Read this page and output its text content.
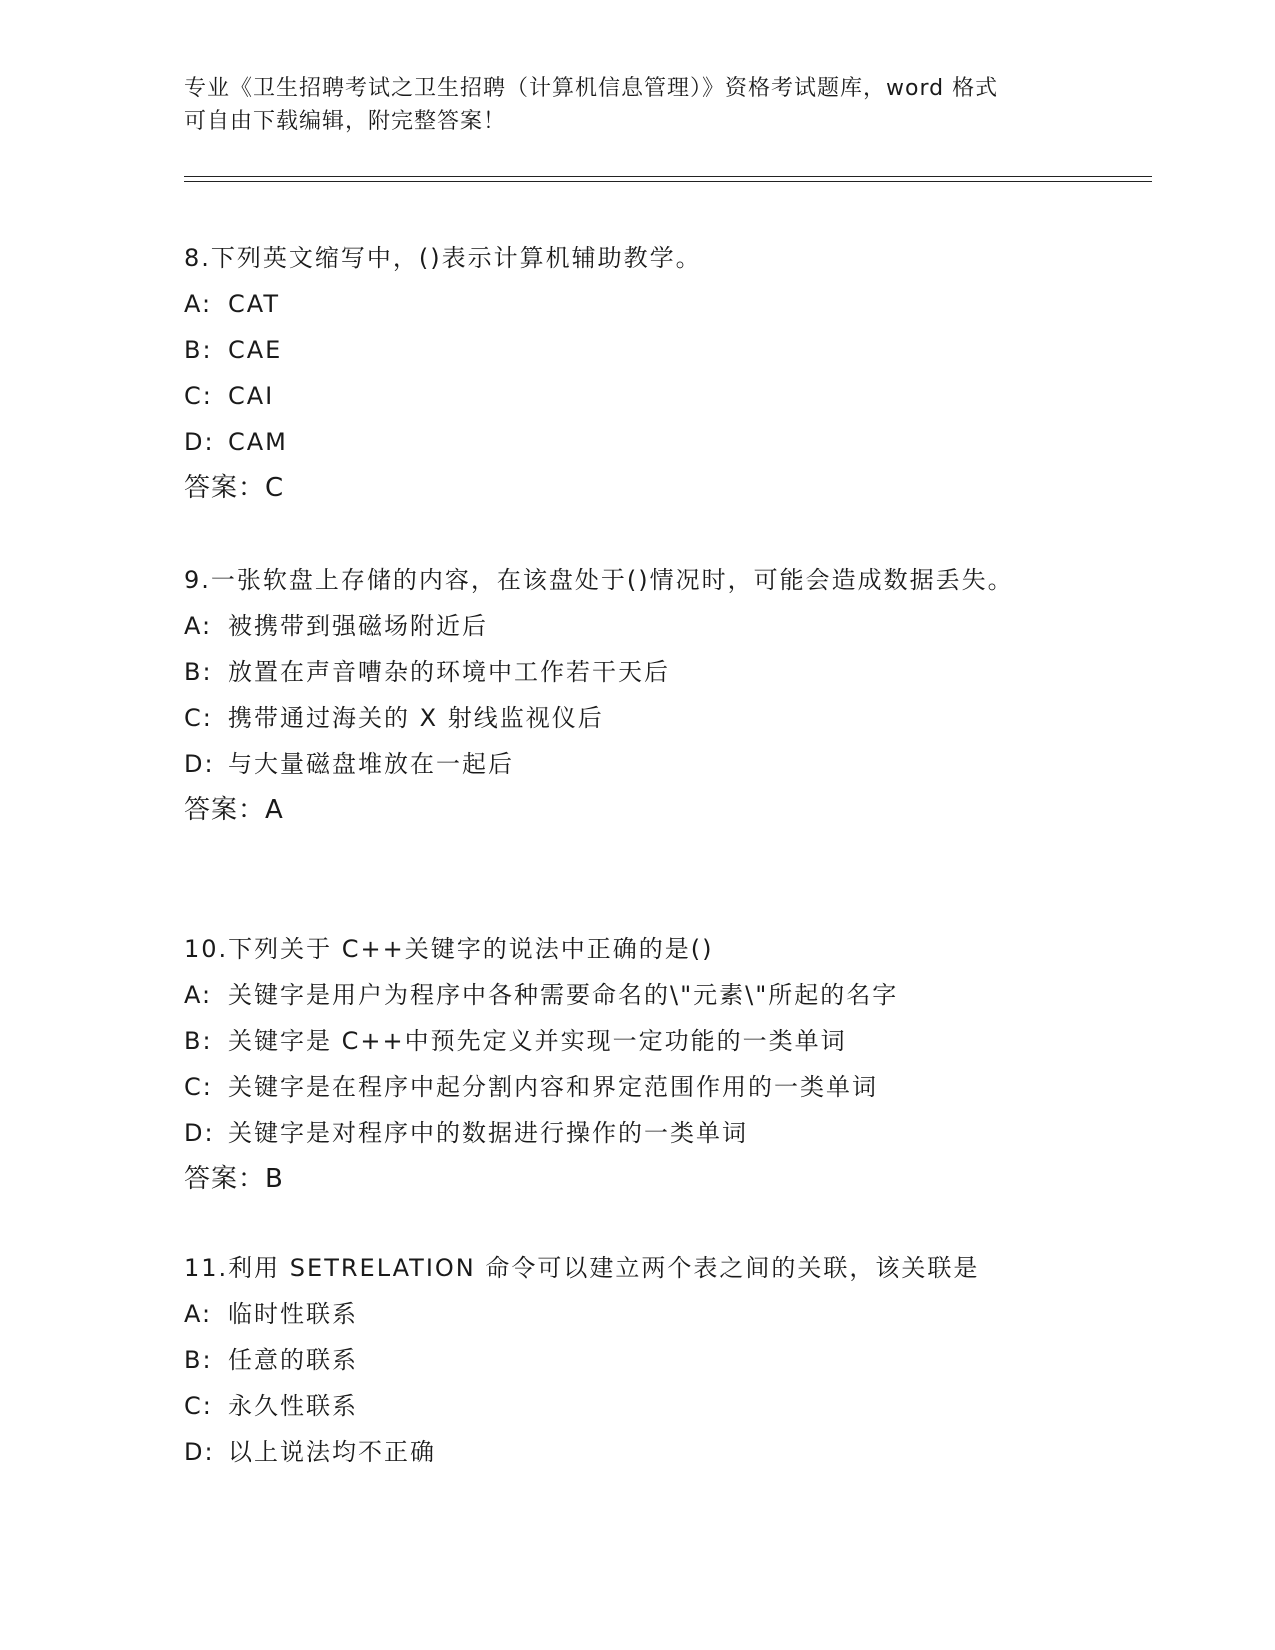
专业《卫生招聘考试之卫生招聘（计算机信息管理）》资格考试题库，word 格式
可自由下载编辑，附完整答案！
8.下列英文缩写中，()表示计算机辅助教学。
A: CAT
B: CAE
C: CAI
D: CAM
答案：C
9.一张软盘上存储的内容，在该盘处于()情况时，可能会造成数据丢失。
A: 被携带到强磁场附近后
B: 放置在声音嘈杂的环境中工作若干天后
C: 携带通过海关的 X 射线监视仪后
D: 与大量磁盘堆放在一起后
答案：A
10.下列关于 C++关键字的说法中正确的是()
A: 关键字是用户为程序中各种需要命名的\"元素\"所起的名字
B: 关键字是 C++中预先定义并实现一定功能的一类单词
C: 关键字是在程序中起分割内容和界定范围作用的一类单词
D: 关键字是对程序中的数据进行操作的一类单词
答案：B
11.利用 SETRELATION 命令可以建立两个表之间的关联，该关联是
A: 临时性联系
B: 任意的联系
C: 永久性联系
D: 以上说法均不正确
